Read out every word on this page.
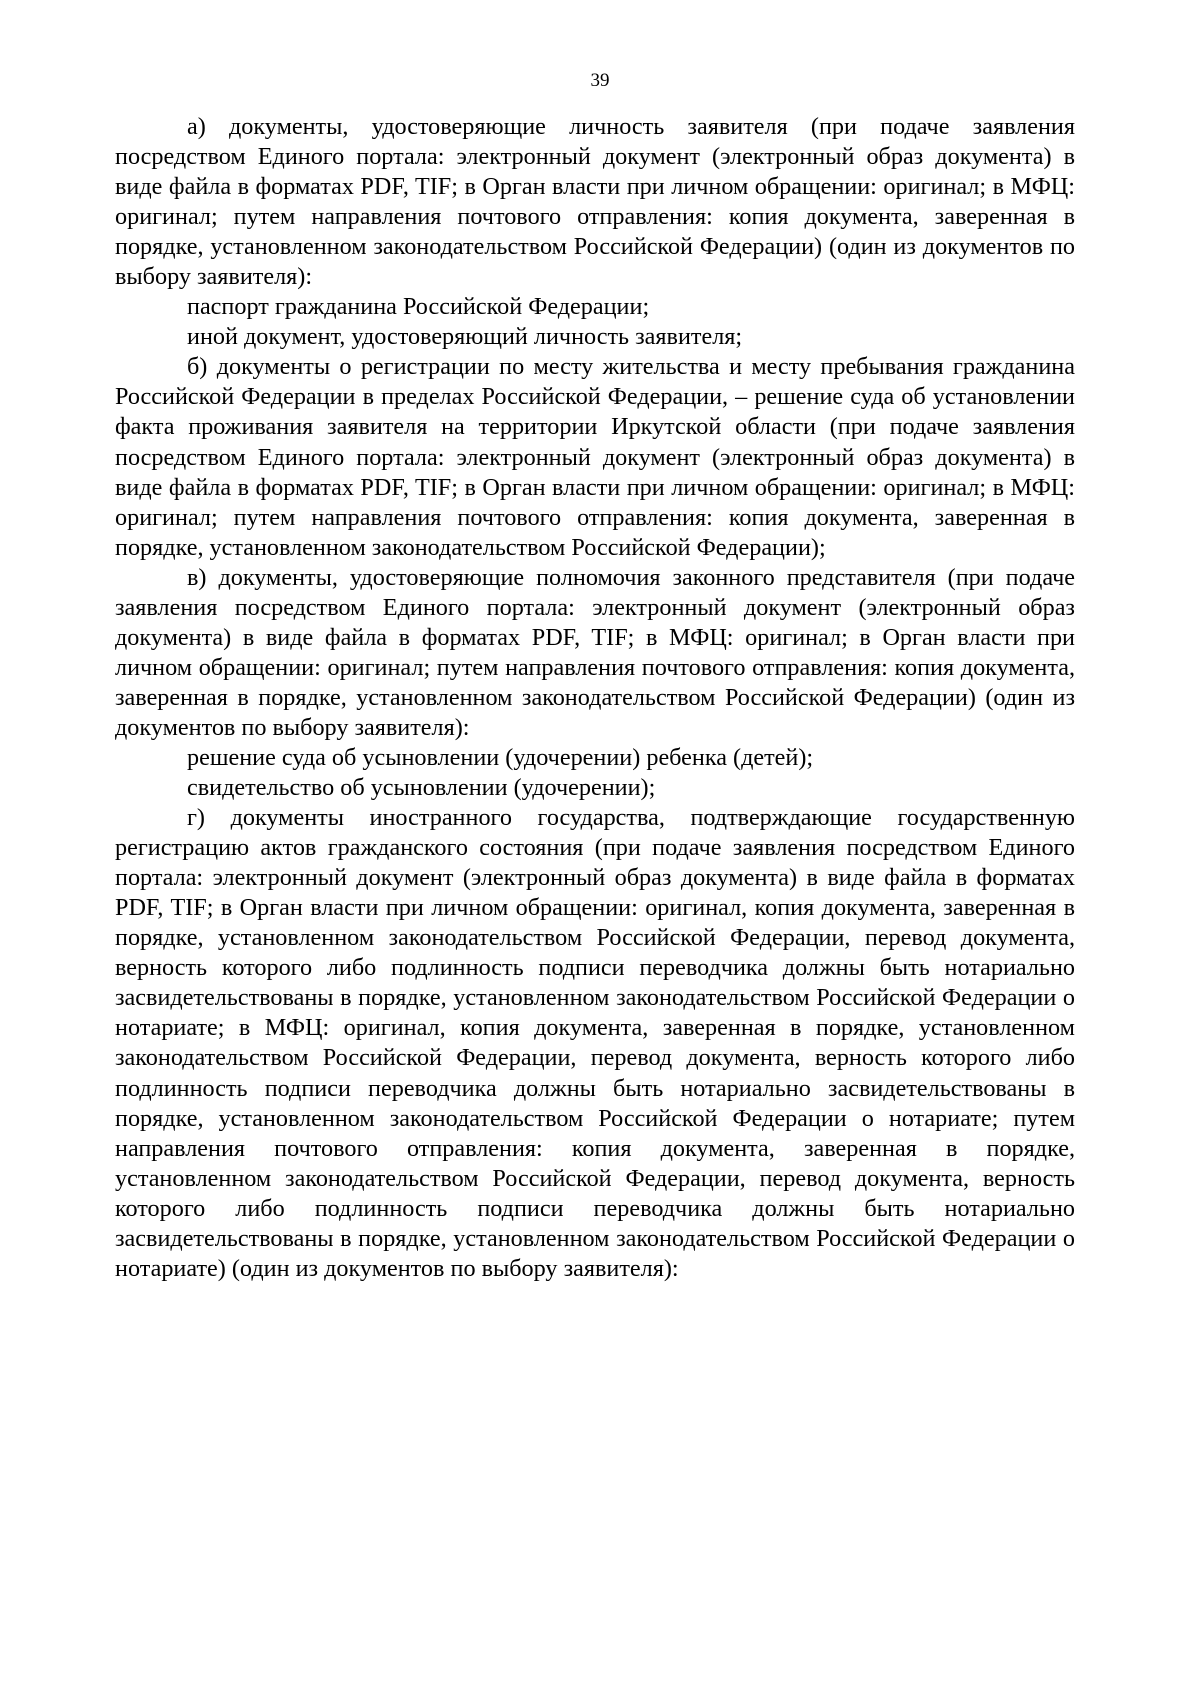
39

а) документы, удостоверяющие личность заявителя (при подаче заявления посредством Единого портала: электронный документ (электронный образ документа) в виде файла в форматах PDF, TIF; в Орган власти при личном обращении: оригинал; в МФЦ: оригинал; путем направления почтового отправления: копия документа, заверенная в порядке, установленном законодательством Российской Федерации) (один из документов по выбору заявителя):

паспорт гражданина Российской Федерации;

иной документ, удостоверяющий личность заявителя;

б) документы о регистрации по месту жительства и месту пребывания гражданина Российской Федерации в пределах Российской Федерации, – решение суда об установлении факта проживания заявителя на территории Иркутской области (при подаче заявления посредством Единого портала: электронный документ (электронный образ документа) в виде файла в форматах PDF, TIF; в Орган власти при личном обращении: оригинал; в МФЦ: оригинал; путем направления почтового отправления: копия документа, заверенная в порядке, установленном законодательством Российской Федерации);

в) документы, удостоверяющие полномочия законного представителя (при подаче заявления посредством Единого портала: электронный документ (электронный образ документа) в виде файла в форматах PDF, TIF; в МФЦ: оригинал; в Орган власти при личном обращении: оригинал; путем направления почтового отправления: копия документа, заверенная в порядке, установленном законодательством Российской Федерации) (один из документов по выбору заявителя):

решение суда об усыновлении (удочерении) ребенка (детей);

свидетельство об усыновлении (удочерении);

г) документы иностранного государства, подтверждающие государственную регистрацию актов гражданского состояния (при подаче заявления посредством Единого портала: электронный документ (электронный образ документа) в виде файла в форматах PDF, TIF; в Орган власти при личном обращении: оригинал, копия документа, заверенная в порядке, установленном законодательством Российской Федерации, перевод документа, верность которого либо подлинность подписи переводчика должны быть нотариально засвидетельствованы в порядке, установленном законодательством Российской Федерации о нотариате; в МФЦ: оригинал, копия документа, заверенная в порядке, установленном законодательством Российской Федерации, перевод документа, верность которого либо подлинность подписи переводчика должны быть нотариально засвидетельствованы в порядке, установленном законодательством Российской Федерации о нотариате; путем направления почтового отправления: копия документа, заверенная в порядке, установленном законодательством Российской Федерации, перевод документа, верность которого либо подлинность подписи переводчика должны быть нотариально засвидетельствованы в порядке, установленном законодательством Российской Федерации о нотариате) (один из документов по выбору заявителя):
